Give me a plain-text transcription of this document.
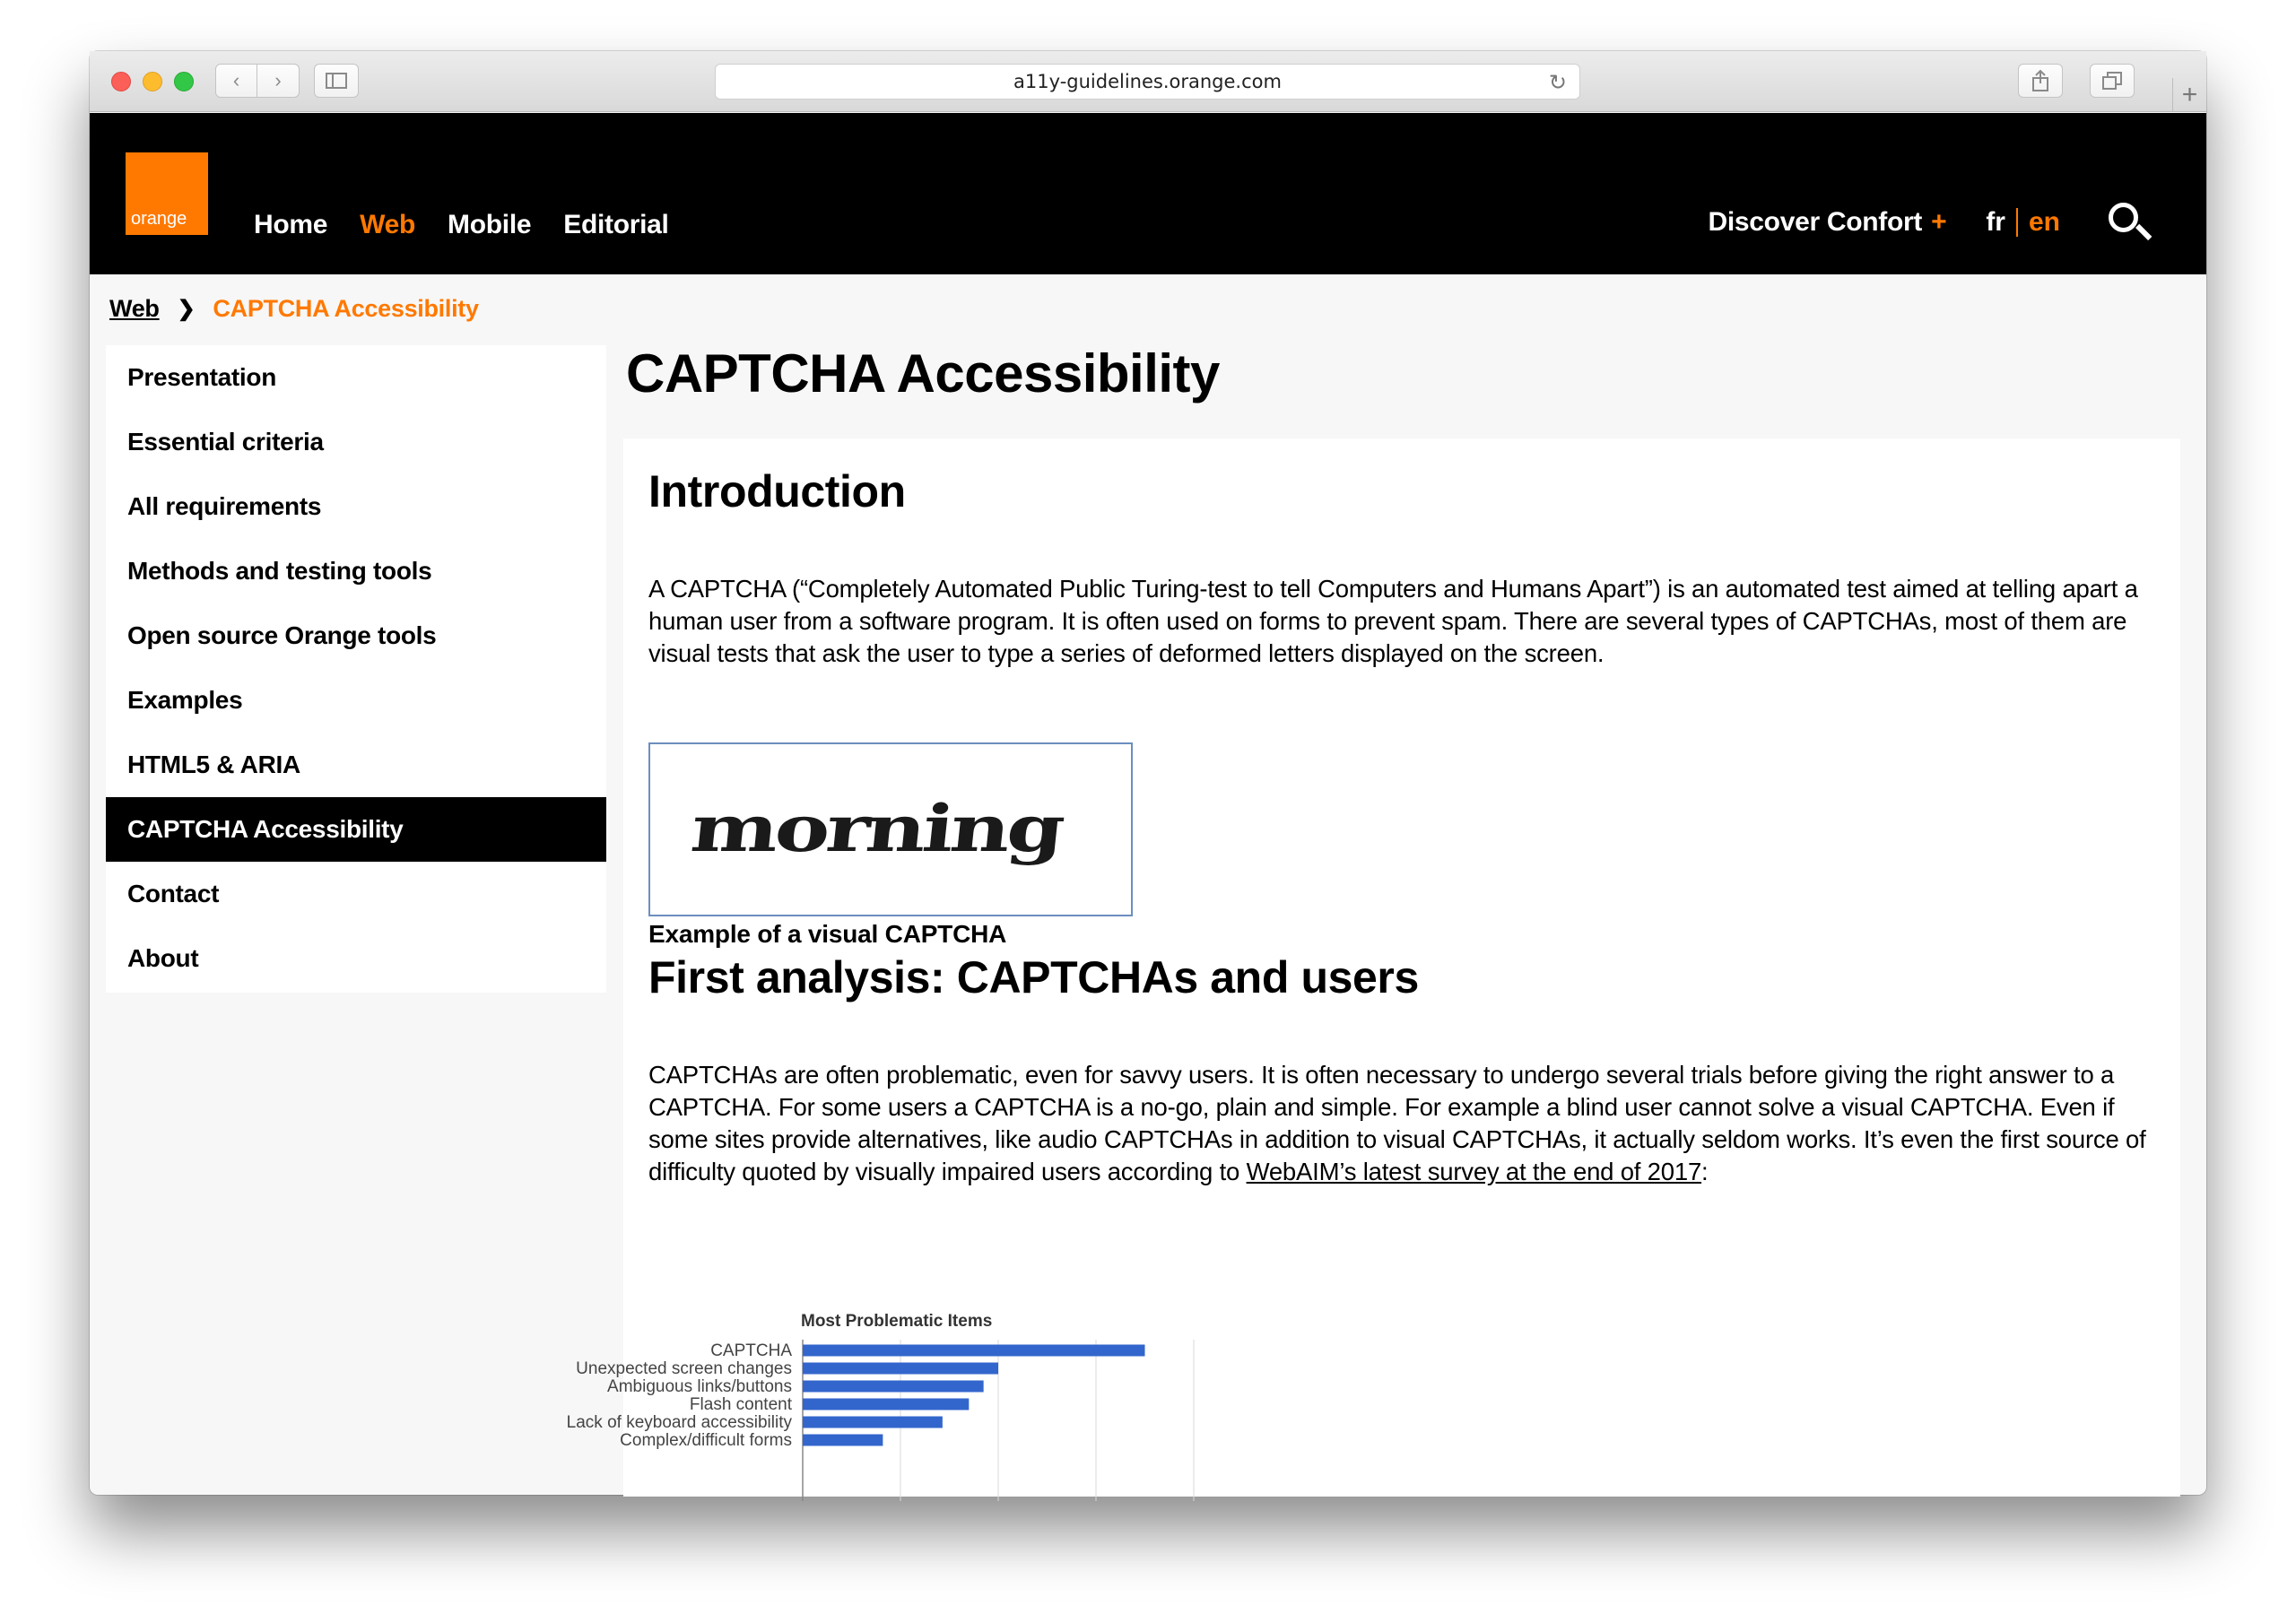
‹ ›	a11y-guidelines.orange.com	↻	+
orange Home Web Mobile Editorial	Discover Confort + fr en
Web ❯ CAPTCHA Accessibility
Presentation
Essential criteria
All requirements
Methods and testing tools
Open source Orange tools
Examples
HTML5 & ARIA
CAPTCHA Accessibility
Contact
About
CAPTCHA Accessibility
Introduction

A CAPTCHA (“Completely Automated Public Turing-test to tell Computers and Humans Apart”) is an automated test aimed at telling apart a human user from a software program. It is often used on forms to prevent spam. There are several types of CAPTCHAs, most of them are visual tests that ask the user to type a series of deformed letters displayed on the screen.

morning
Example of a visual CAPTCHA
First analysis: CAPTCHAs and users

CAPTCHAs are often problematic, even for savvy users. It is often necessary to undergo several trials before giving the right answer to a CAPTCHA. For some users a CAPTCHA is a no-go, plain and simple. For example a blind user cannot solve a visual CAPTCHA. Even if some sites provide alternatives, like audio CAPTCHAs in addition to visual CAPTCHAs, it actually seldom works. It’s even the first source of difficulty quoted by visually impaired users according to WebAIM’s latest survey at the end of 2017:

Most Problematic Items
CAPTCHA
Unexpected screen changes
Ambiguous links/buttons
Flash content
Lack of keyboard accessibility
Complex/difficult forms
